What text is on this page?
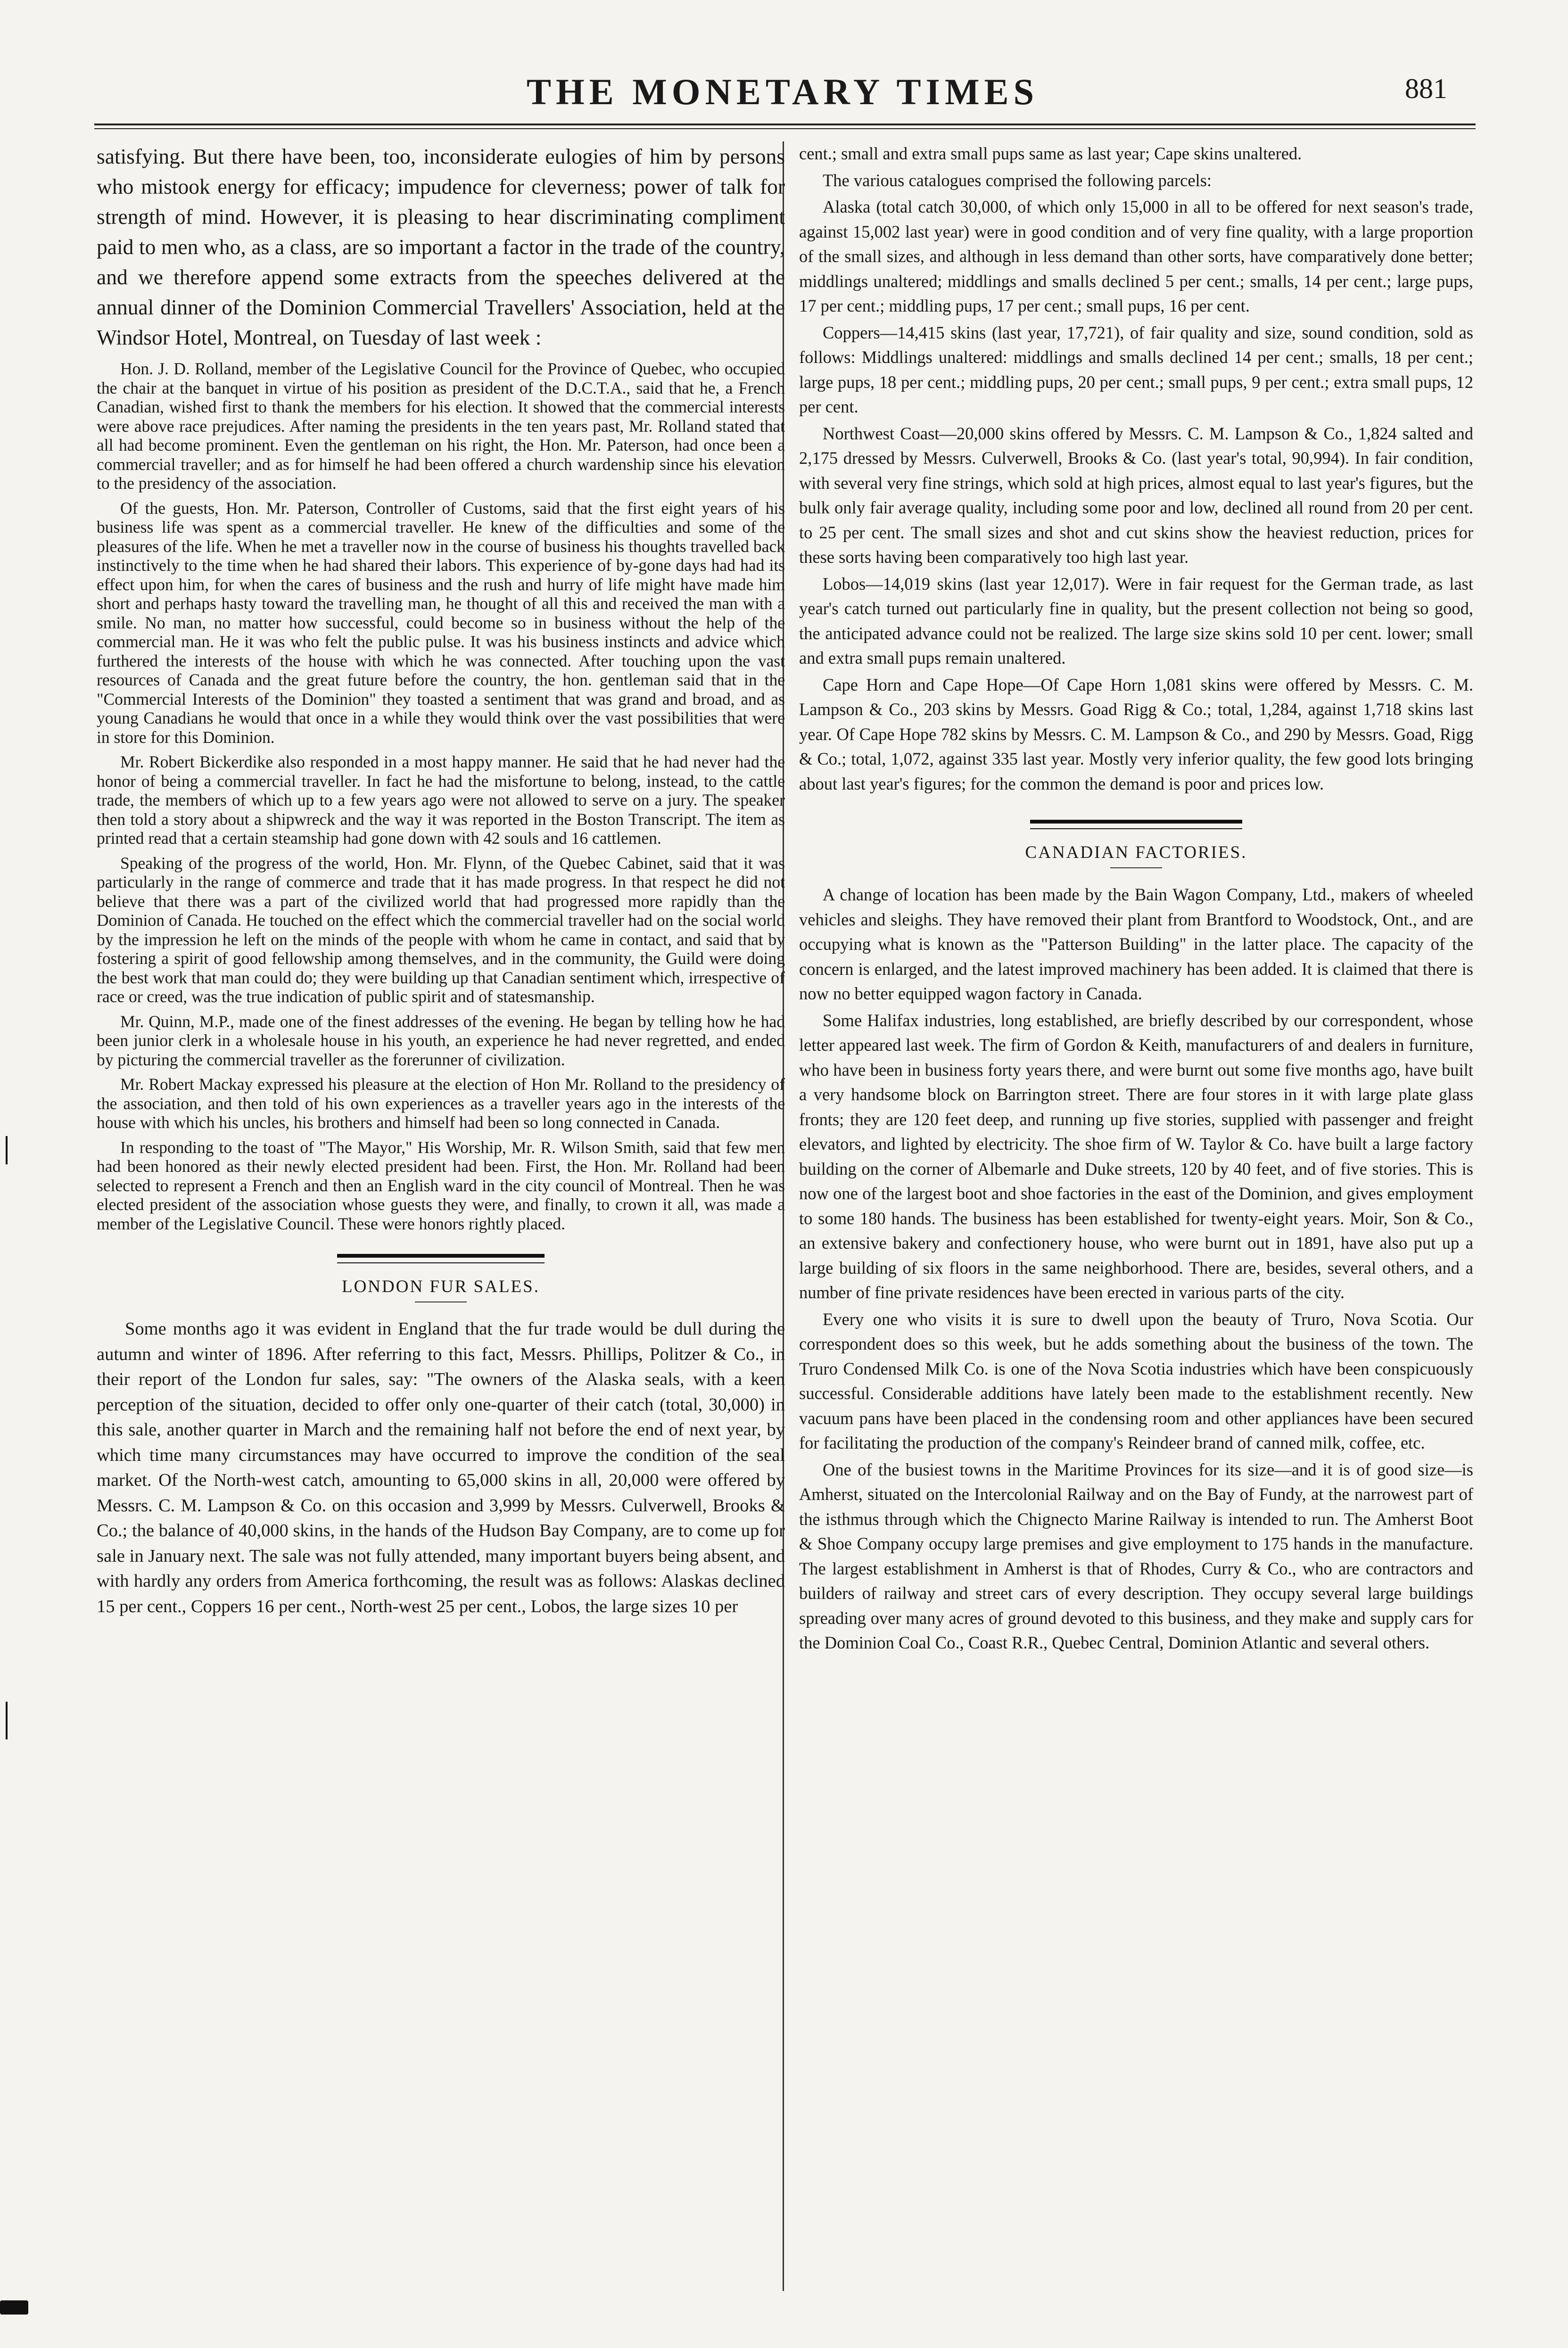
THE MONETARY TIMES	881

satisfying. But there have been, too, inconsiderate eulogies of him by persons who mistook energy for efficacy; impudence for cleverness; power of talk for strength of mind. However, it is pleasing to hear discriminating compliment paid to men who, as a class, are so important a factor in the trade of the country, and we therefore append some extracts from the speeches delivered at the annual dinner of the Dominion Commercial Travellers' Association, held at the Windsor Hotel, Montreal, on Tuesday of last week :

Hon. J. D. Rolland, member of the Legislative Council for the Province of Quebec, who occupied the chair at the banquet in virtue of his position as president of the D.C.T.A., said that he, a French Canadian, wished first to thank the members for his election. It showed that the commercial interests were above race prejudices. After naming the presidents in the ten years past, Mr. Rolland stated that all had become prominent. Even the gentleman on his right, the Hon. Mr. Paterson, had once been a commercial traveller; and as for himself he had been offered a church wardenship since his elevation to the presidency of the association.

Of the guests, Hon. Mr. Paterson, Controller of Customs, said that the first eight years of his business life was spent as a commercial traveller. He knew of the difficulties and some of the pleasures of the life. When he met a traveller now in the course of business his thoughts travelled back instinctively to the time when he had shared their labors. This experience of by-gone days had had its effect upon him, for when the cares of business and the rush and hurry of life might have made him short and perhaps hasty toward the travelling man, he thought of all this and received the man with a smile. No man, no matter how successful, could become so in business without the help of the commercial man. He it was who felt the public pulse. It was his business instincts and advice which furthered the interests of the house with which he was connected. After touching upon the vast resources of Canada and the great future before the country, the hon. gentleman said that in the "Commercial Interests of the Dominion" they toasted a sentiment that was grand and broad, and as young Canadians he would that once in a while they would think over the vast possibilities that were in store for this Dominion.

Mr. Robert Bickerdike also responded in a most happy manner. He said that he had never had the honor of being a commercial traveller. In fact he had the misfortune to belong, instead, to the cattle trade, the members of which up to a few years ago were not allowed to serve on a jury. The speaker then told a story about a shipwreck and the way it was reported in the Boston Transcript. The item as printed read that a certain steamship had gone down with 42 souls and 16 cattlemen.

Speaking of the progress of the world, Hon. Mr. Flynn, of the Quebec Cabinet, said that it was particularly in the range of commerce and trade that it has made progress. In that respect he did not believe that there was a part of the civilized world that had progressed more rapidly than the Dominion of Canada. He touched on the effect which the commercial traveller had on the social world by the impression he left on the minds of the people with whom he came in contact, and said that by fostering a spirit of good fellowship among themselves, and in the community, the Guild were doing the best work that man could do; they were building up that Canadian sentiment which, irrespective of race or creed, was the true indication of public spirit and of statesmanship.

Mr. Quinn, M.P., made one of the finest addresses of the evening. He began by telling how he had been junior clerk in a wholesale house in his youth, an experience he had never regretted, and ended by picturing the commercial traveller as the forerunner of civilization.

Mr. Robert Mackay expressed his pleasure at the election of Hon Mr. Rolland to the presidency of the association, and then told of his own experiences as a traveller years ago in the interests of the house with which his uncles, his brothers and himself had been so long connected in Canada.

In responding to the toast of "The Mayor," His Worship, Mr. R. Wilson Smith, said that few men had been honored as their newly elected president had been. First, the Hon. Mr. Rolland had been selected to represent a French and then an English ward in the city council of Montreal. Then he was elected president of the association whose guests they were, and finally, to crown it all, was made a member of the Legislative Council. These were honors rightly placed.

LONDON FUR SALES.

Some months ago it was evident in England that the fur trade would be dull during the autumn and winter of 1896. After referring to this fact, Messrs. Phillips, Politzer & Co., in their report of the London fur sales, say: "The owners of the Alaska seals, with a keen perception of the situation, decided to offer only one-quarter of their catch (total, 30,000) in this sale, another quarter in March and the remaining half not before the end of next year, by which time many circumstances may have occurred to improve the condition of the seal market. Of the North-west catch, amounting to 65,000 skins in all, 20,000 were offered by Messrs. C. M. Lampson & Co. on this occasion and 3,999 by Messrs. Culverwell, Brooks & Co.; the balance of 40,000 skins, in the hands of the Hudson Bay Company, are to come up for sale in January next. The sale was not fully attended, many important buyers being absent, and with hardly any orders from America forthcoming, the result was as follows: Alaskas declined 15 per cent., Coppers 16 per cent., North-west 25 per cent., Lobos, the large sizes 10 per

cent.; small and extra small pups same as last year; Cape skins unaltered.

The various catalogues comprised the following parcels:

Alaska (total catch 30,000, of which only 15,000 in all to be offered for next season's trade, against 15,002 last year) were in good condition and of very fine quality, with a large proportion of the small sizes, and although in less demand than other sorts, have comparatively done better; middlings unaltered; middlings and smalls declined 5 per cent.; smalls, 14 per cent.; large pups, 17 per cent.; middling pups, 17 per cent.; small pups, 16 per cent.

Coppers—14,415 skins (last year, 17,721), of fair quality and size, sound condition, sold as follows: Middlings unaltered: middlings and smalls declined 14 per cent.; smalls, 18 per cent.; large pups, 18 per cent.; middling pups, 20 per cent.; small pups, 9 per cent.; extra small pups, 12 per cent.

Northwest Coast—20,000 skins offered by Messrs. C. M. Lampson & Co., 1,824 salted and 2,175 dressed by Messrs. Culverwell, Brooks & Co. (last year's total, 90,994). In fair condition, with several very fine strings, which sold at high prices, almost equal to last year's figures, but the bulk only fair average quality, including some poor and low, declined all round from 20 per cent. to 25 per cent. The small sizes and shot and cut skins show the heaviest reduction, prices for these sorts having been comparatively too high last year.

Lobos—14,019 skins (last year 12,017). Were in fair request for the German trade, as last year's catch turned out particularly fine in quality, but the present collection not being so good, the anticipated advance could not be realized. The large size skins sold 10 per cent. lower; small and extra small pups remain unaltered.

Cape Horn and Cape Hope—Of Cape Horn 1,081 skins were offered by Messrs. C. M. Lampson & Co., 203 skins by Messrs. Goad Rigg & Co.; total, 1,284, against 1,718 skins last year. Of Cape Hope 782 skins by Messrs. C. M. Lampson & Co., and 290 by Messrs. Goad, Rigg & Co.; total, 1,072, against 335 last year. Mostly very inferior quality, the few good lots bringing about last year's figures; for the common the demand is poor and prices low.

CANADIAN FACTORIES.

A change of location has been made by the Bain Wagon Company, Ltd., makers of wheeled vehicles and sleighs. They have removed their plant from Brantford to Woodstock, Ont., and are occupying what is known as the "Patterson Building" in the latter place. The capacity of the concern is enlarged, and the latest improved machinery has been added. It is claimed that there is now no better equipped wagon factory in Canada.

Some Halifax industries, long established, are briefly described by our correspondent, whose letter appeared last week. The firm of Gordon & Keith, manufacturers of and dealers in furniture, who have been in business forty years there, and were burnt out some five months ago, have built a very handsome block on Barrington street. There are four stores in it with large plate glass fronts; they are 120 feet deep, and running up five stories, supplied with passenger and freight elevators, and lighted by electricity. The shoe firm of W. Taylor & Co. have built a large factory building on the corner of Albemarle and Duke streets, 120 by 40 feet, and of five stories. This is now one of the largest boot and shoe factories in the east of the Dominion, and gives employment to some 180 hands. The business has been established for twenty-eight years. Moir, Son & Co., an extensive bakery and confectionery house, who were burnt out in 1891, have also put up a large building of six floors in the same neighborhood. There are, besides, several others, and a number of fine private residences have been erected in various parts of the city.

Every one who visits it is sure to dwell upon the beauty of Truro, Nova Scotia. Our correspondent does so this week, but he adds something about the business of the town. The Truro Condensed Milk Co. is one of the Nova Scotia industries which have been conspicuously successful. Considerable additions have lately been made to the establishment recently. New vacuum pans have been placed in the condensing room and other appliances have been secured for facilitating the production of the company's Reindeer brand of canned milk, coffee, etc.

One of the busiest towns in the Maritime Provinces for its size—and it is of good size—is Amherst, situated on the Intercolonial Railway and on the Bay of Fundy, at the narrowest part of the isthmus through which the Chignecto Marine Railway is intended to run. The Amherst Boot & Shoe Company occupy large premises and give employment to 175 hands in the manufacture. The largest establishment in Amherst is that of Rhodes, Curry & Co., who are contractors and builders of railway and street cars of every description. They occupy several large buildings spreading over many acres of ground devoted to this business, and they make and supply cars for the Dominion Coal Co., Coast R.R., Quebec Central, Dominion Atlantic and several others.
